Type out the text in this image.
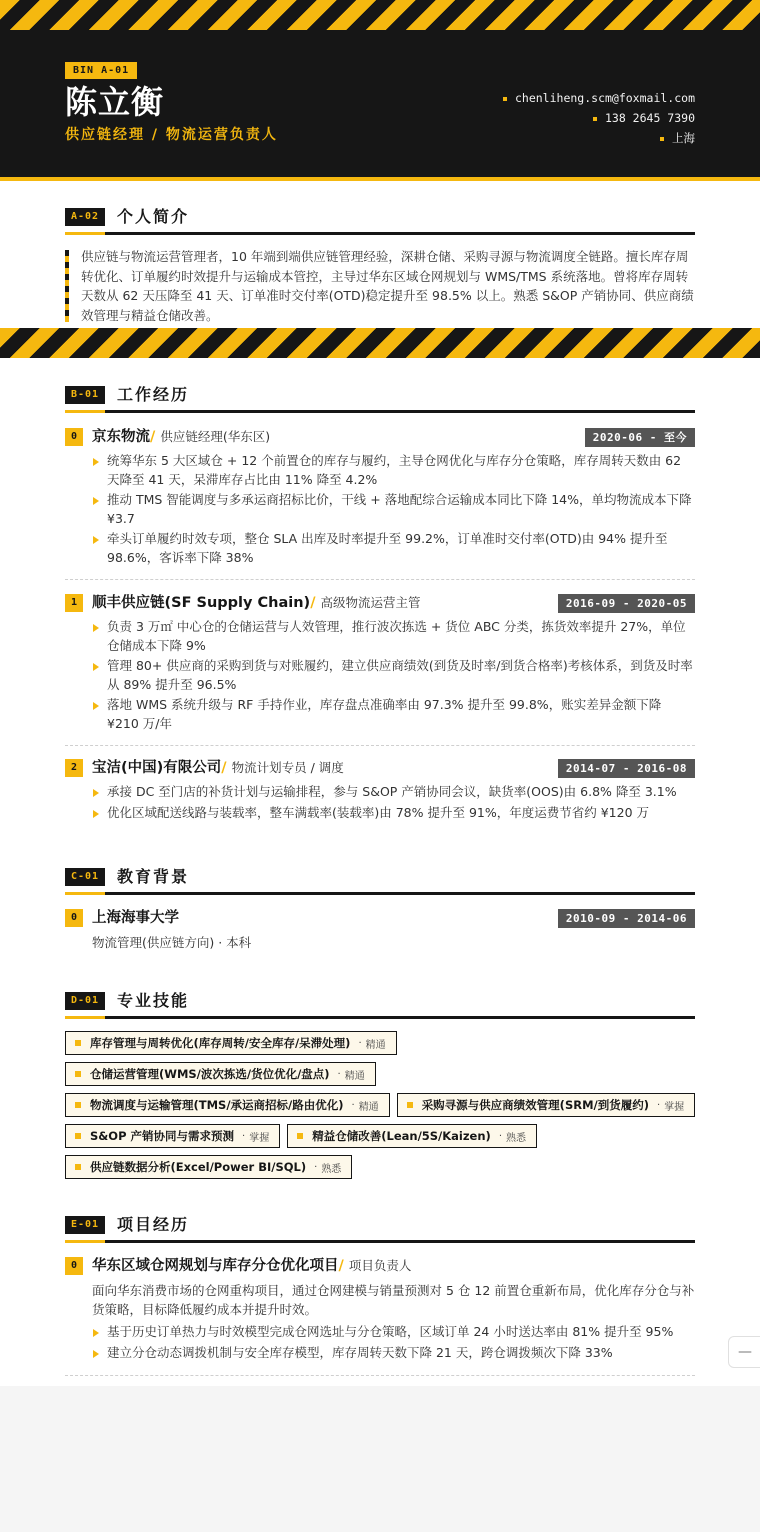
BIN A-01
陈立衡
供应链经理 / 物流运营负责人
chenliheng.scm@foxmail.com
138 2645 7390
上海
A-02	个人简介
供应链与物流运营管理者，10 年端到端供应链管理经验，深耕仓储、采购寻源与物流调度全链路。擅长库存周转优化、订单履约时效提升与运输成本管控，主导过华东区域仓网规划与 WMS/TMS 系统落地。曾将库存周转天数从 62 天压降至 41 天、订单准时交付率(OTD)稳定提升至 98.5% 以上。熟悉 S&OP 产销协同、供应商绩效管理与精益仓储改善。
B-01	工作经历
0	京东物流/ 供应链经理(华东区)	2020-06 - 至今
统筹华东 5 大区域仓 + 12 个前置仓的库存与履约，主导仓网优化与库存分仓策略，库存周转天数由 62 天降至 41 天，呆滞库存占比由 11% 降至 4.2%
推动 TMS 智能调度与多承运商招标比价，干线 + 落地配综合运输成本同比下降 14%，单均物流成本下降 ¥3.7
牵头订单履约时效专项，整仓 SLA 出库及时率提升至 99.2%，订单准时交付率(OTD)由 94% 提升至 98.6%，客诉率下降 38%
1	顺丰供应链(SF Supply Chain)/ 高级物流运营主管	2016-09 - 2020-05
负责 3 万㎡ 中心仓的仓储运营与人效管理，推行波次拣选 + 货位 ABC 分类，拣货效率提升 27%，单位仓储成本下降 9%
管理 80+ 供应商的采购到货与对账履约，建立供应商绩效(到货及时率/到货合格率)考核体系，到货及时率从 89% 提升至 96.5%
落地 WMS 系统升级与 RF 手持作业，库存盘点准确率由 97.3% 提升至 99.8%，账实差异金额下降 ¥210 万/年
2	宝洁(中国)有限公司/ 物流计划专员 / 调度	2014-07 - 2016-08
承接 DC 至门店的补货计划与运输排程，参与 S&OP 产销协同会议，缺货率(OOS)由 6.8% 降至 3.1%
优化区域配送线路与装载率，整车满载率(装载率)由 78% 提升至 91%，年度运费节省约 ¥120 万
C-01	教育背景
0	上海海事大学	2010-09 - 2014-06
物流管理(供应链方向) · 本科
D-01	专业技能
库存管理与周转优化(库存周转/安全库存/呆滞处理)
· 精通
仓储运营管理(WMS/波次拣选/货位优化/盘点)
· 精通
物流调度与运输管理(TMS/承运商招标/路由优化)
· 精通	采购寻源与供应商绩效管理(SRM/到货履约)
· 掌握
S&OP 产销协同与需求预测
· 掌握	精益仓储改善(Lean/5S/Kaizen)
· 熟悉
供应链数据分析(Excel/Power BI/SQL)
· 熟悉
E-01	项目经历
0	华东区域仓网规划与库存分仓优化项目/ 项目负责人
面向华东消费市场的仓网重构项目，通过仓网建模与销量预测对 5 仓 12 前置仓重新布局，优化库存分仓与补货策略，目标降低履约成本并提升时效。
基于历史订单热力与时效模型完成仓网选址与分仓策略，区域订单 24 小时送达率由 81% 提升至 95%
建立分仓动态调拨机制与安全库存模型，库存周转天数下降 21 天，跨仓调拨频次下降 33%	—
